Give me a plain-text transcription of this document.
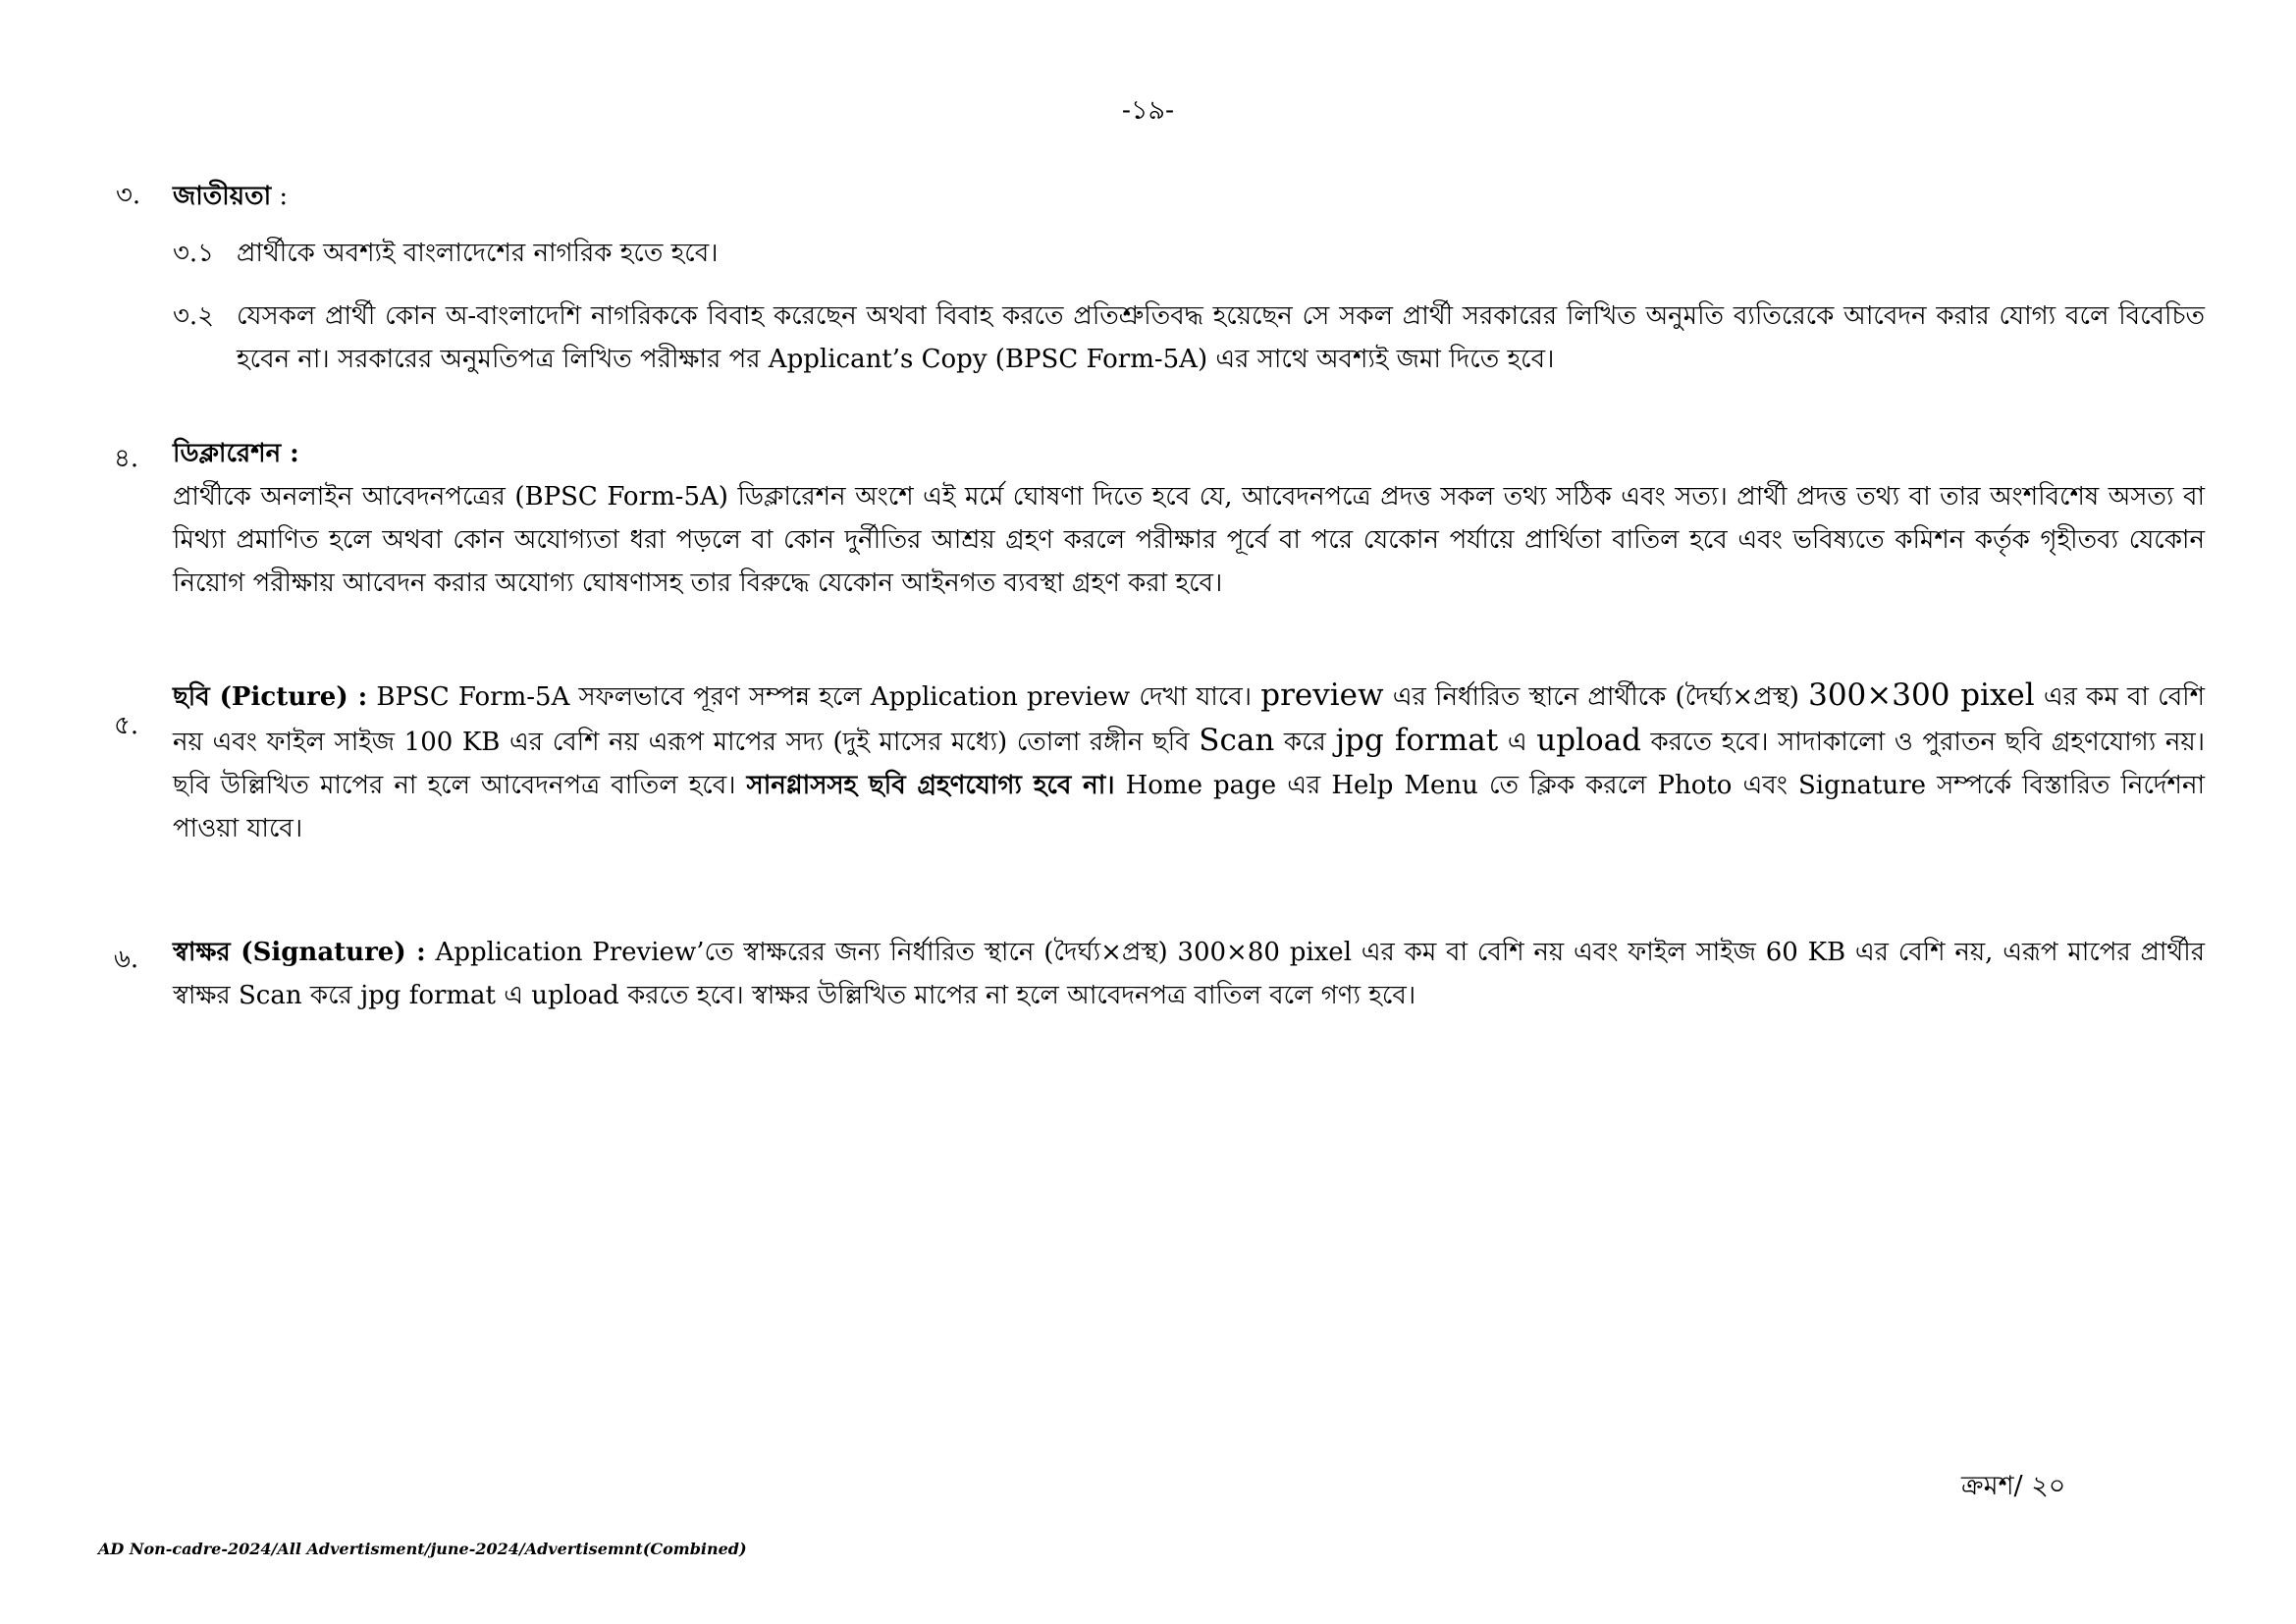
-১৯-
৩. জাতীয়তা :
৩.১ প্রার্থীকে অবশ্যই বাংলাদেশের নাগরিক হতে হবে।
৩.২ যেসকল প্রার্থী কোন অ-বাংলাদেশি নাগরিককে বিবাহ করেছেন অথবা বিবাহ করতে প্রতিশ্রুতিবদ্ধ হয়েছেন সে সকল প্রার্থী সরকারের লিখিত অনুমতি ব্যতিরেকে আবেদন করার যোগ্য বলে বিবেচিত হবেন না। সরকারের অনুমতিপত্র লিখিত পরীক্ষার পর Applicant’s Copy (BPSC Form-5A) এর সাথে অবশ্যই জমা দিতে হবে।
৪. ডিক্লারেশন :
প্রার্থীকে অনলাইন আবেদনপত্রের (BPSC Form-5A) ডিক্লারেশন অংশে এই মর্মে ঘোষণা দিতে হবে যে, আবেদনপত্রে প্রদত্ত সকল তথ্য সঠিক এবং সত্য। প্রার্থী প্রদত্ত তথ্য বা তার অংশবিশেষ অসত্য বা মিথ্যা প্রমাণিত হলে অথবা কোন অযোগ্যতা ধরা পড়লে বা কোন দুর্নীতির আশ্রয় গ্রহণ করলে পরীক্ষার পূর্বে বা পরে যেকোন পর্যায়ে প্রার্থিতা বাতিল হবে এবং ভবিষ্যতে কমিশন কর্তৃক গৃহীতব্য যেকোন নিয়োগ পরীক্ষায় আবেদন করার অযোগ্য ঘোষণাসহ তার বিরুদ্ধে যেকোন আইনগত ব্যবস্থা গ্রহণ করা হবে।
৫.
ছবি (Picture) : BPSC Form-5A সফলভাবে পূরণ সম্পন্ন হলে Application preview দেখা যাবে। preview এর নির্ধারিত স্থানে প্রার্থীকে (দৈর্ঘ্য×প্রস্থ) 300×300 pixel এর কম বা বেশি নয় এবং ফাইল সাইজ 100 KB এর বেশি নয় এরূপ মাপের সদ্য (দুই মাসের মধ্যে) তোলা রঙ্গীন ছবি Scan করে jpg format এ upload করতে হবে। সাদাকালো ও পুরাতন ছবি গ্রহণযোগ্য নয়। ছবি উল্লিখিত মাপের না হলে আবেদনপত্র বাতিল হবে। সানগ্লাসসহ ছবি গ্রহণযোগ্য হবে না। Home page এর Help Menu তে ক্লিক করলে Photo এবং Signature সম্পর্কে বিস্তারিত নির্দেশনা পাওয়া যাবে।
৬. স্বাক্ষর (Signature) : Application Preview’তে স্বাক্ষরের জন্য নির্ধারিত স্থানে (দৈর্ঘ্য×প্রস্থ) 300×80 pixel এর কম বা বেশি নয় এবং ফাইল সাইজ 60 KB এর বেশি নয়, এরূপ মাপের প্রার্থীর স্বাক্ষর Scan করে jpg format এ upload করতে হবে। স্বাক্ষর উল্লিখিত মাপের না হলে আবেদনপত্র বাতিল বলে গণ্য হবে।
ক্রমশ/ ২০
AD Non-cadre-2024/All Advertisment/june-2024/Advertisemnt(Combined)
